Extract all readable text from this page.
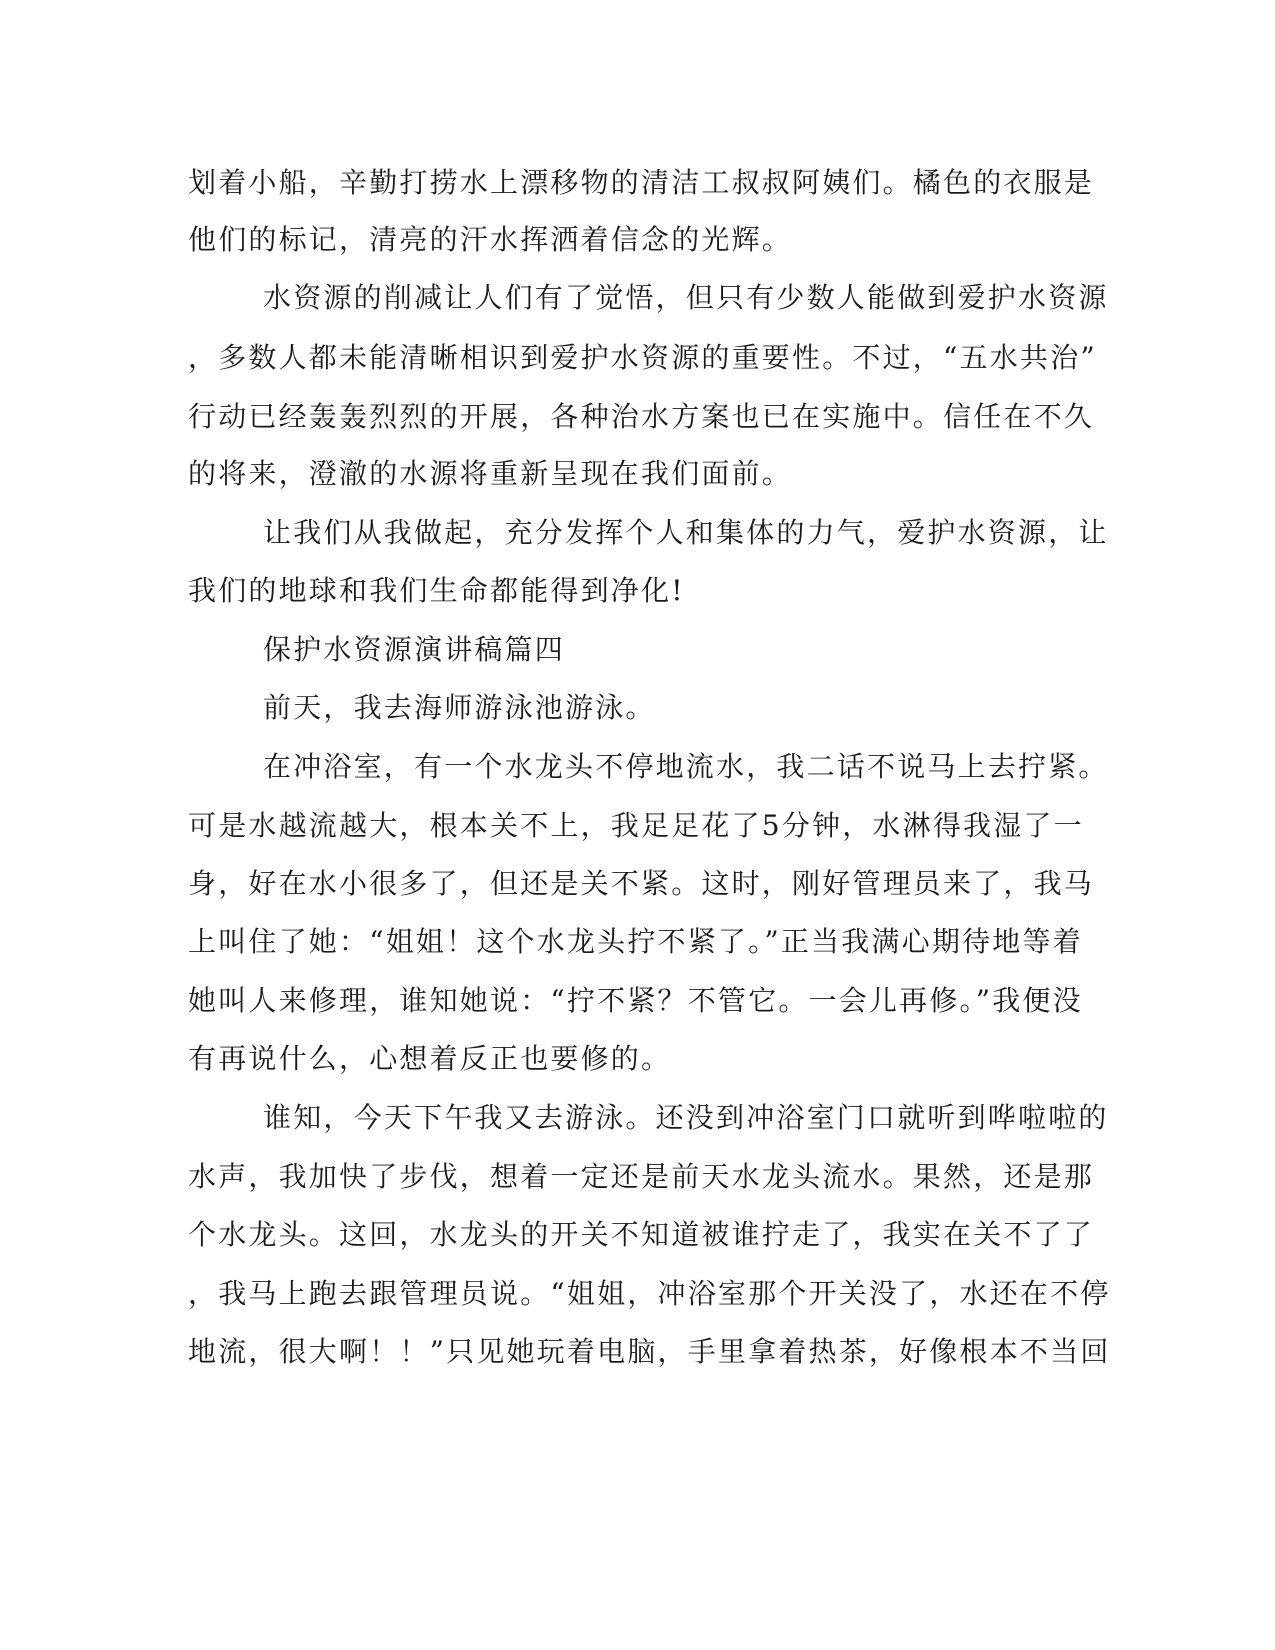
划着小船，辛勤打捞水上漂移物的清洁工叔叔阿姨们。橘色的衣服是
他们的标记，清亮的汗水挥洒着信念的光辉。
水资源的削减让人们有了觉悟，但只有少数人能做到爱护水资源
，多数人都未能清晰相识到爱护水资源的重要性。不过，“五水共治”
行动已经轰轰烈烈的开展，各种治水方案也已在实施中。信任在不久
的将来，澄澈的水源将重新呈现在我们面前。
让我们从我做起，充分发挥个人和集体的力气，爱护水资源，让
我们的地球和我们生命都能得到净化!
保护水资源演讲稿篇四
前天，我去海师游泳池游泳。
在冲浴室，有一个水龙头不停地流水，我二话不说马上去拧紧。
可是水越流越大，根本关不上，我足足花了5分钟，水淋得我湿了一
身，好在水小很多了，但还是关不紧。这时，刚好管理员来了，我马
上叫住了她：“姐姐！这个水龙头拧不紧了。”正当我满心期待地等着
她叫人来修理，谁知她说：“拧不紧？不管它。一会儿再修。”我便没
有再说什么，心想着反正也要修的。
谁知，今天下午我又去游泳。还没到冲浴室门口就听到哗啦啦的
水声，我加快了步伐，想着一定还是前天水龙头流水。果然，还是那
个水龙头。这回，水龙头的开关不知道被谁拧走了，我实在关不了了
，我马上跑去跟管理员说。“姐姐，冲浴室那个开关没了，水还在不停
地流，很大啊！！”只见她玩着电脑，手里拿着热茶，好像根本不当回
